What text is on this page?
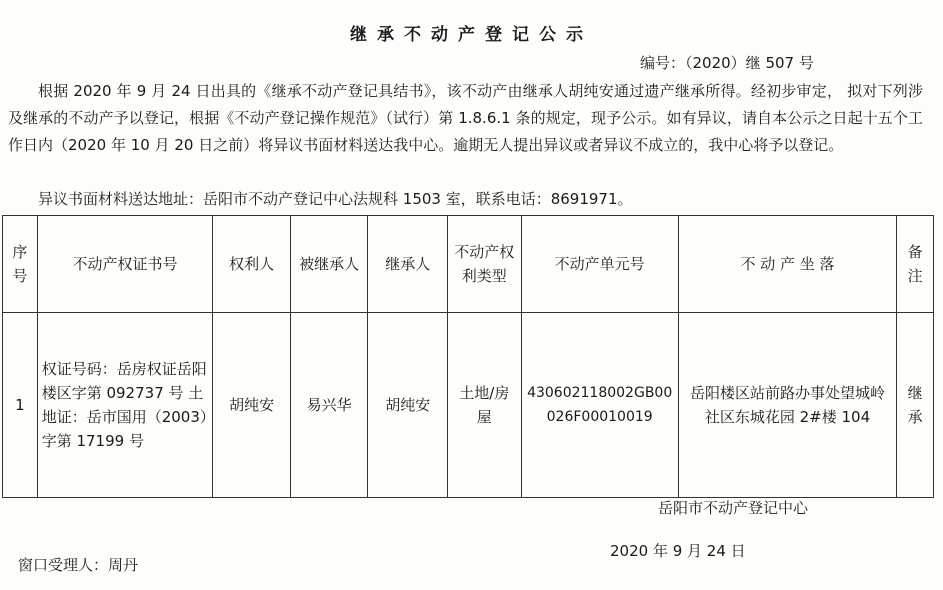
继承不动产登记公示
编号：（2020）继 507 号

根据 2020 年 9 月 24 日出具的《继承不动产登记具结书》，该不动产由继承人胡纯安通过遗产继承所得。经初步审定， 拟对下列涉及继承的不动产予以登记，根据《不动产登记操作规范》（试行）第 1.8.6.1 条的规定，现予公示。如有异议，请自本公示之日起十五个工作日内（2020 年 10 月 20 日之前）将异议书面材料送达我中心。逾期无人提出异议或者异议不成立的，我中心将予以登记。

异议书面材料送达地址：岳阳市不动产登记中心法规科 1503 室，联系电话：8691971。
序号	不动产权证书号	权利人	被继承人	继承人	不动产权利类型	不动产单元号	不 动 产 坐 落	备注
1	权证号码：岳房权证岳阳楼区字第 092737 号 土地证：岳市国用（2003）字第 17199 号	胡纯安	易兴华	胡纯安	土地/房屋	430602118002GB00026F00010019	岳阳楼区站前路办事处望城岭社区东城花园 2#楼 104	继承
岳阳市不动产登记中心
2020 年 9 月 24 日
窗口受理人：周丹
